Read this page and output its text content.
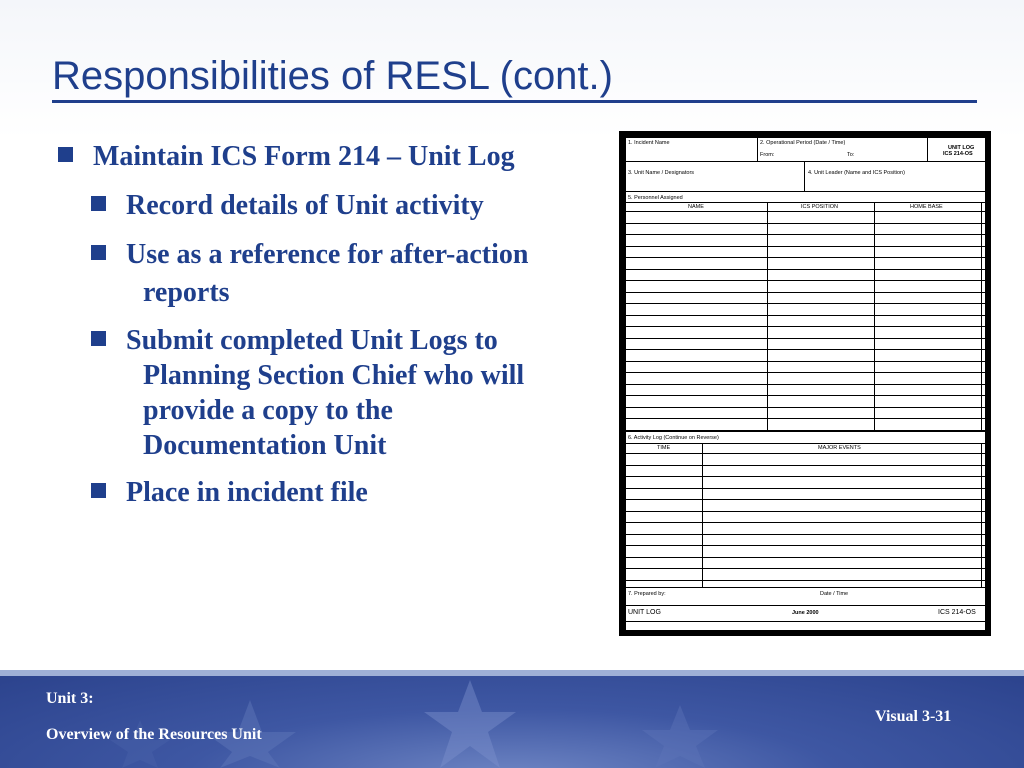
Responsibilities of RESL (cont.)
Maintain ICS Form 214 – Unit Log
Record details of Unit activity
Use as a reference for after-action reports
Submit completed Unit Logs to Planning Section Chief who will provide a copy to the Documentation Unit
Place in incident file
1. Incident Name	2. Operational Period (Date / Time)
From:	To:
UNIT LOG
ICS 214-OS
3. Unit Name / Designators	4. Unit Leader (Name and ICS Position)
5. Personnel Assigned
NAME	ICS POSITION	HOME BASE
6. Activity Log (Continue on Reverse)
TIME	MAJOR EVENTS
7. Prepared by:	Date / Time
UNIT LOG	June 2000	ICS 214-OS
Unit 3:
Overview of the Resources Unit
Visual 3-31
